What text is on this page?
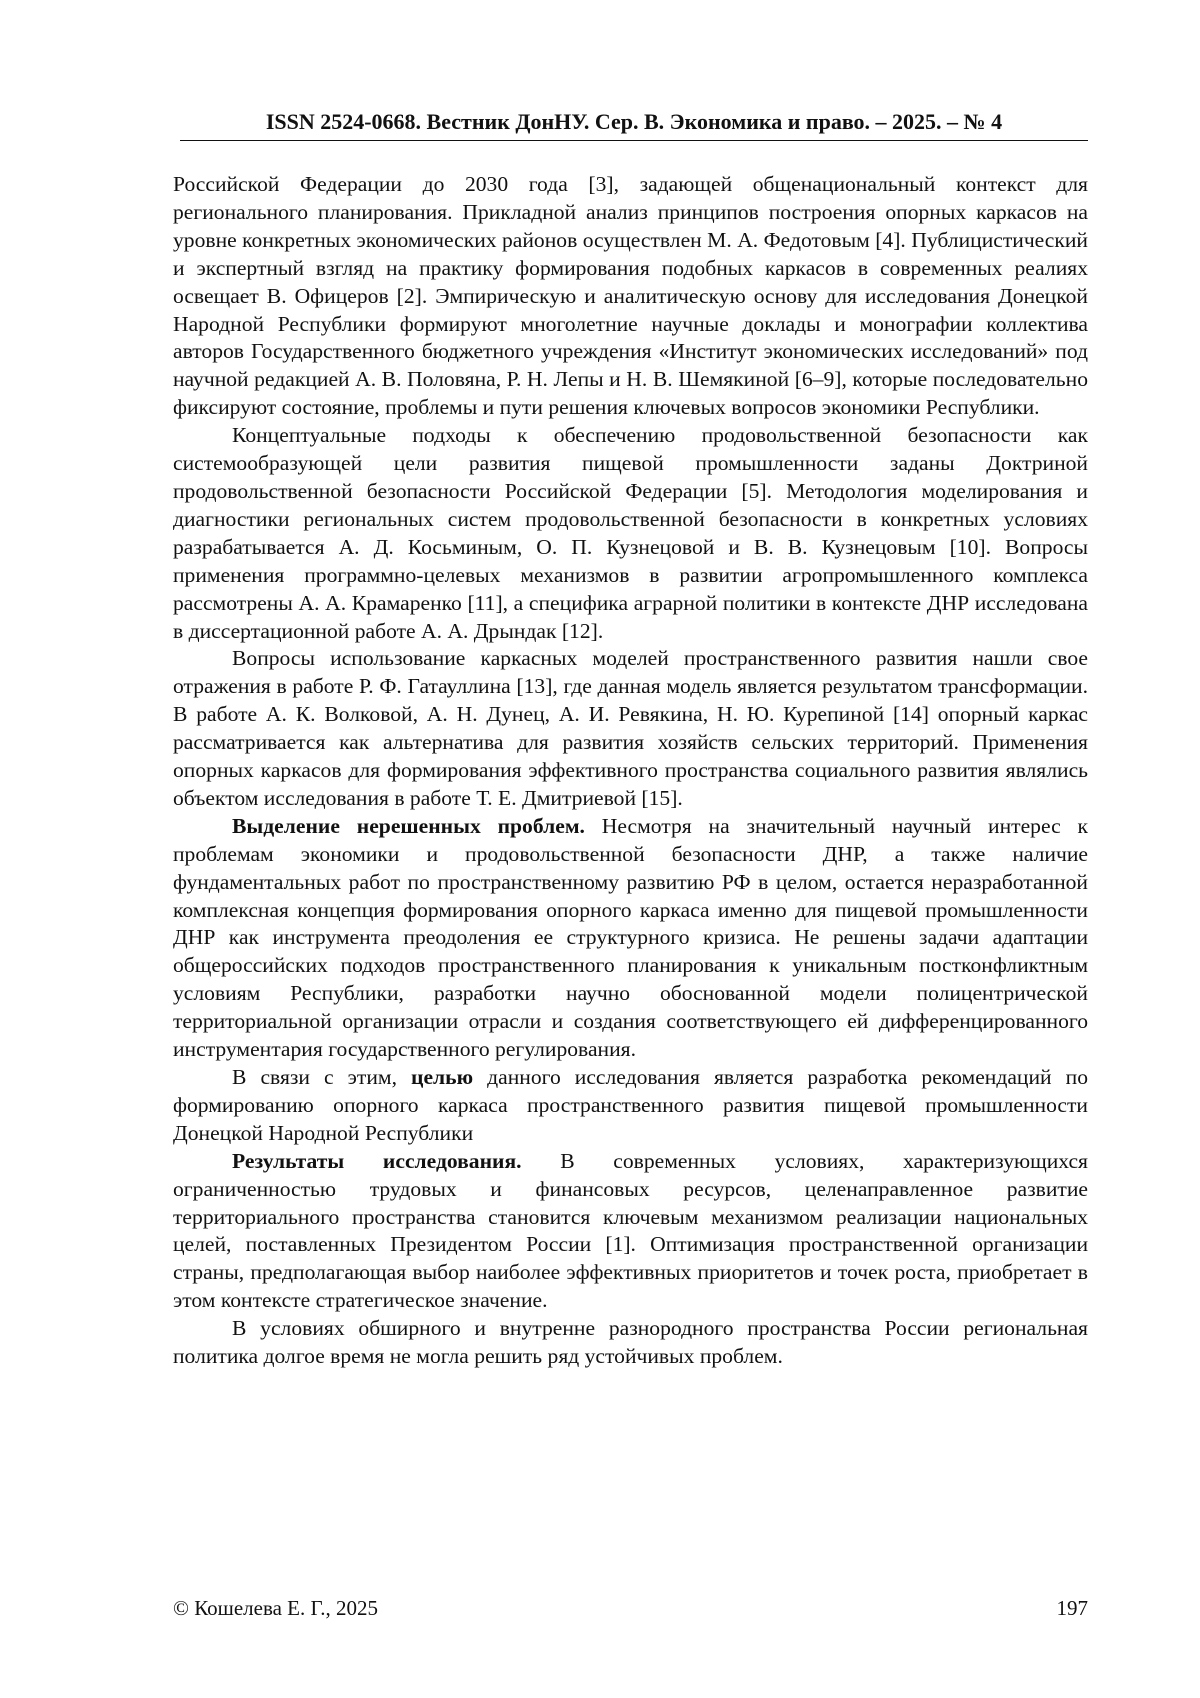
ISSN 2524-0668. Вестник ДонНУ. Сер. В. Экономика и право. – 2025. – № 4

Российской Федерации до 2030 года [3], задающей общенациональный контекст для регионального планирования. Прикладной анализ принципов построения опорных каркасов на уровне конкретных экономических районов осуществлен М. А. Федотовым [4]. Публицистический и экспертный взгляд на практику формирования подобных каркасов в современных реалиях освещает В. Офицеров [2]. Эмпирическую и аналитическую основу для исследования Донецкой Народной Республики формируют многолетние научные доклады и монографии коллектива авторов Государственного бюджетного учреждения «Институт экономических исследований» под научной редакцией А. В. Половяна, Р. Н. Лепы и Н. В. Шемякиной [6–9], которые последовательно фиксируют состояние, проблемы и пути решения ключевых вопросов экономики Республики.

Концептуальные подходы к обеспечению продовольственной безопасности как системообразующей цели развития пищевой промышленности заданы Доктриной продовольственной безопасности Российской Федерации [5]. Методология моделирования и диагностики региональных систем продовольственной безопасности в конкретных условиях разрабатывается А. Д. Косьминым, О. П. Кузнецовой и В. В. Кузнецовым [10]. Вопросы применения программно-целевых механизмов в развитии агропромышленного комплекса рассмотрены А. А. Крамаренко [11], а специфика аграрной политики в контексте ДНР исследована в диссертационной работе А. А. Дрындак [12].

Вопросы использование каркасных моделей пространственного развития нашли свое отражения в работе Р. Ф. Гатауллина [13], где данная модель является результатом трансформации. В работе А. К. Волковой, А. Н. Дунец, А. И. Ревякина, Н. Ю. Курепиной [14] опорный каркас рассматривается как альтернатива для развития хозяйств сельских территорий. Применения опорных каркасов для формирования эффективного пространства социального развития являлись объектом исследования в работе Т. Е. Дмитриевой [15].

Выделение нерешенных проблем. Несмотря на значительный научный интерес к проблемам экономики и продовольственной безопасности ДНР, а также наличие фундаментальных работ по пространственному развитию РФ в целом, остается неразработанной комплексная концепция формирования опорного каркаса именно для пищевой промышленности ДНР как инструмента преодоления ее структурного кризиса. Не решены задачи адаптации общероссийских подходов пространственного планирования к уникальным постконфликтным условиям Республики, разработки научно обоснованной модели полицентрической территориальной организации отрасли и создания соответствующего ей дифференцированного инструментария государственного регулирования.

В связи с этим, целью данного исследования является разработка рекомендаций по формированию опорного каркаса пространственного развития пищевой промышленности Донецкой Народной Республики

Результаты исследования. В современных условиях, характеризующихся ограниченностью трудовых и финансовых ресурсов, целенаправленное развитие территориального пространства становится ключевым механизмом реализации национальных целей, поставленных Президентом России [1]. Оптимизация пространственной организации страны, предполагающая выбор наиболее эффективных приоритетов и точек роста, приобретает в этом контексте стратегическое значение.

В условиях обширного и внутренне разнородного пространства России региональная политика долгое время не могла решить ряд устойчивых проблем.

© Кошелева Е. Г., 2025	197
